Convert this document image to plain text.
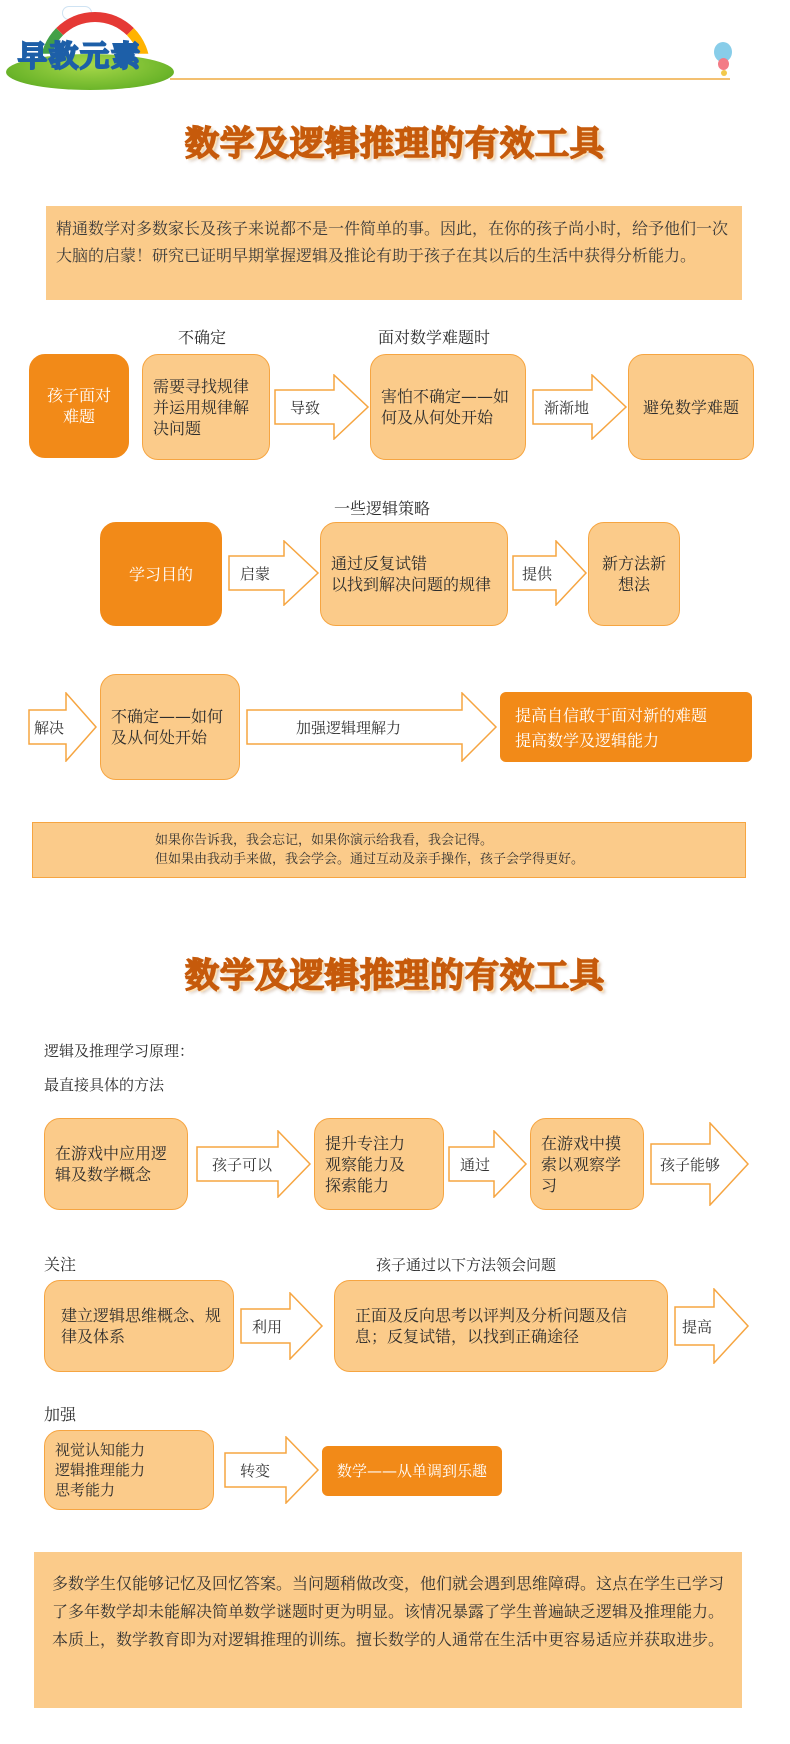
早教元素
数学及逻辑推理的有效工具
精通数学对多数家长及孩子来说都不是一件简单的事。因此，在你的孩子尚小时，给予他们一次大脑的启蒙！研究已证明早期掌握逻辑及推论有助于孩子在其以后的生活中获得分析能力。
不确定	面对数学难题时
孩子面对难题
需要寻找规律并运用规律解决问题
导致
害怕不确定——如何及从何处开始
渐渐地	避免数学难题
一些逻辑策略
学习目的	启蒙
通过反复试错
以找到解决问题的规律
提供
新方法新想法
解决
不确定——如何及从何处开始
加强逻辑理解力
提高自信敢于面对新的难题
提高数学及逻辑能力
如果你告诉我，我会忘记，如果你演示给我看，我会记得。
但如果由我动手来做，我会学会。通过互动及亲手操作，孩子会学得更好。
数学及逻辑推理的有效工具
逻辑及推理学习原理：
最直接具体的方法
在游戏中应用逻辑及数学概念
孩子可以
提升专注力
观察能力及
探索能力
通过
在游戏中摸索以观察学习
孩子能够
关注	孩子通过以下方法领会问题
建立逻辑思维概念、规律及体系
利用
正面及反向思考以评判及分析问题及信息；反复试错，以找到正确途径
提高
加强
视觉认知能力
逻辑推理能力
思考能力
转变	数学——从单调到乐趣
多数学生仅能够记忆及回忆答案。当问题稍做改变，他们就会遇到思维障碍。这点在学生已学习了多年数学却未能解决简单数学谜题时更为明显。该情况暴露了学生普遍缺乏逻辑及推理能力。本质上，数学教育即为对逻辑推理的训练。擅长数学的人通常在生活中更容易适应并获取进步。
